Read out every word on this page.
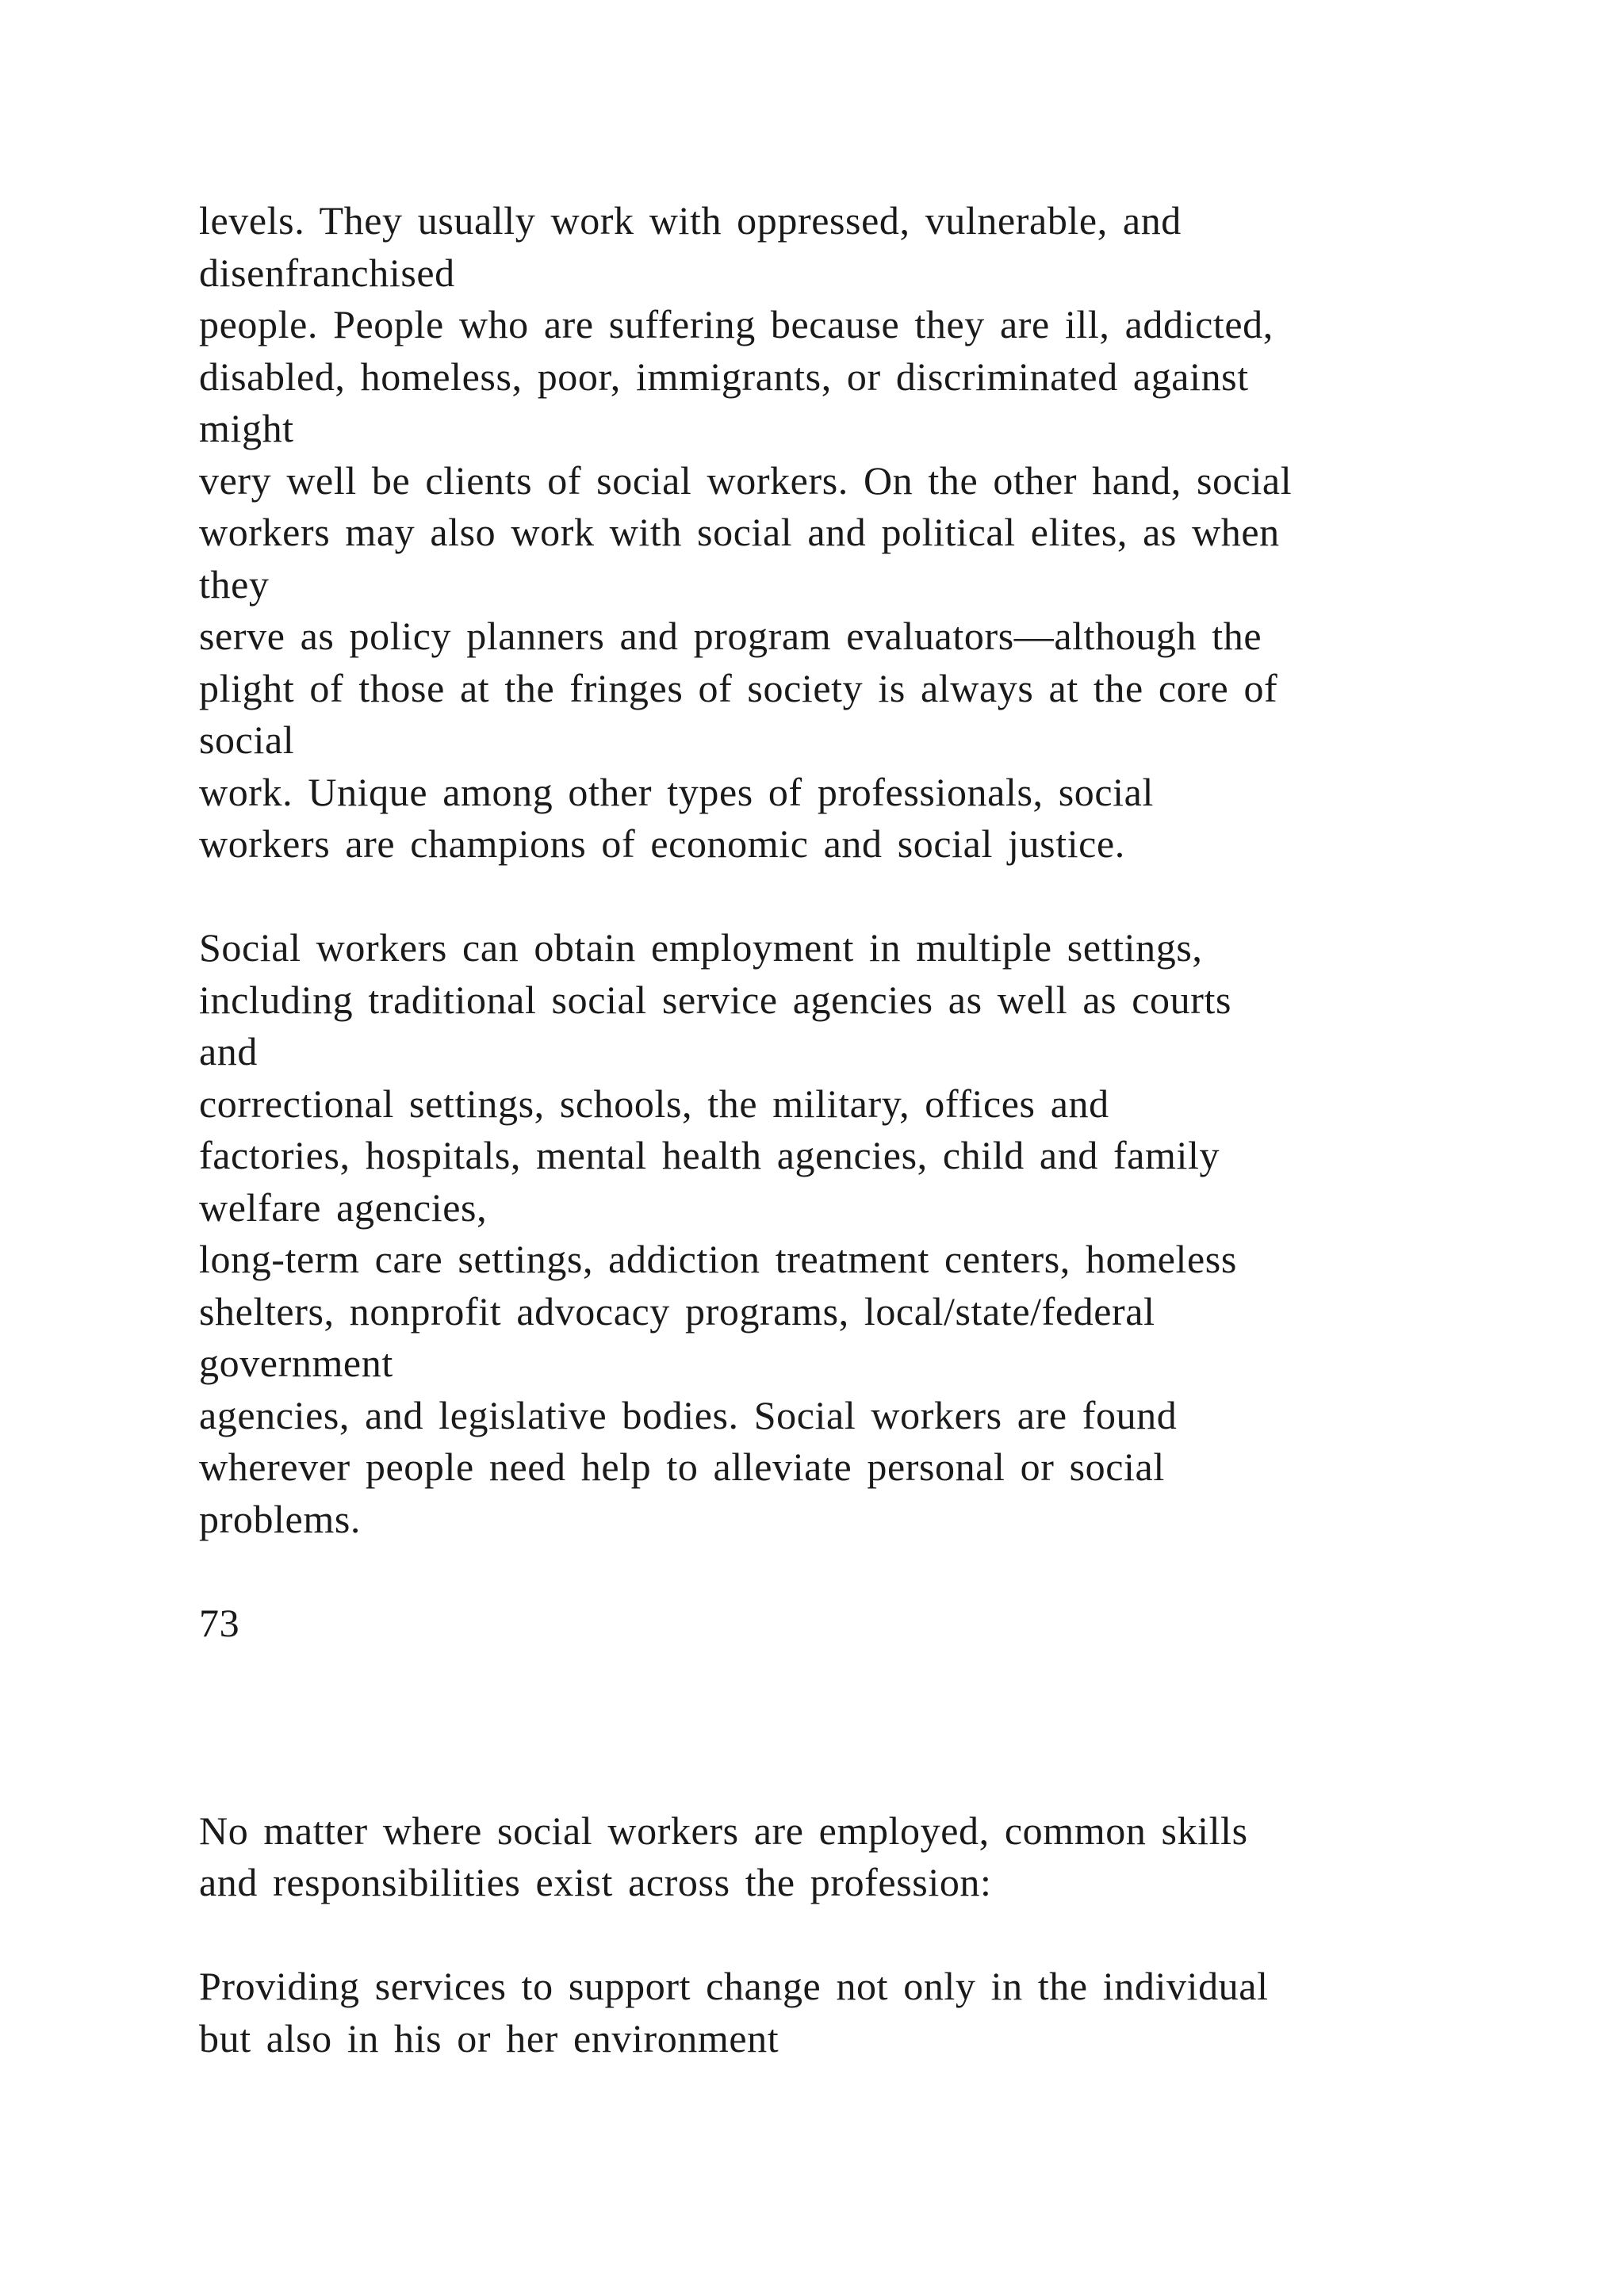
levels. They usually work with oppressed, vulnerable, and
disenfranchised
people. People who are suffering because they are ill, addicted,
disabled, homeless, poor, immigrants, or discriminated against
might
very well be clients of social workers. On the other hand, social
workers may also work with social and political elites, as when
they
serve as policy planners and program evaluators—although the
plight of those at the fringes of society is always at the core of
social
work. Unique among other types of professionals, social
workers are champions of economic and social justice.
Social workers can obtain employment in multiple settings,
including traditional social service agencies as well as courts
and
correctional settings, schools, the military, offices and
factories, hospitals, mental health agencies, child and family
welfare agencies,
long-term care settings, addiction treatment centers, homeless
shelters, nonprofit advocacy programs, local/state/federal
government
agencies, and legislative bodies. Social workers are found
wherever people need help to alleviate personal or social
problems.
73
No matter where social workers are employed, common skills
and responsibilities exist across the profession:
Providing services to support change not only in the individual
but also in his or her environment
